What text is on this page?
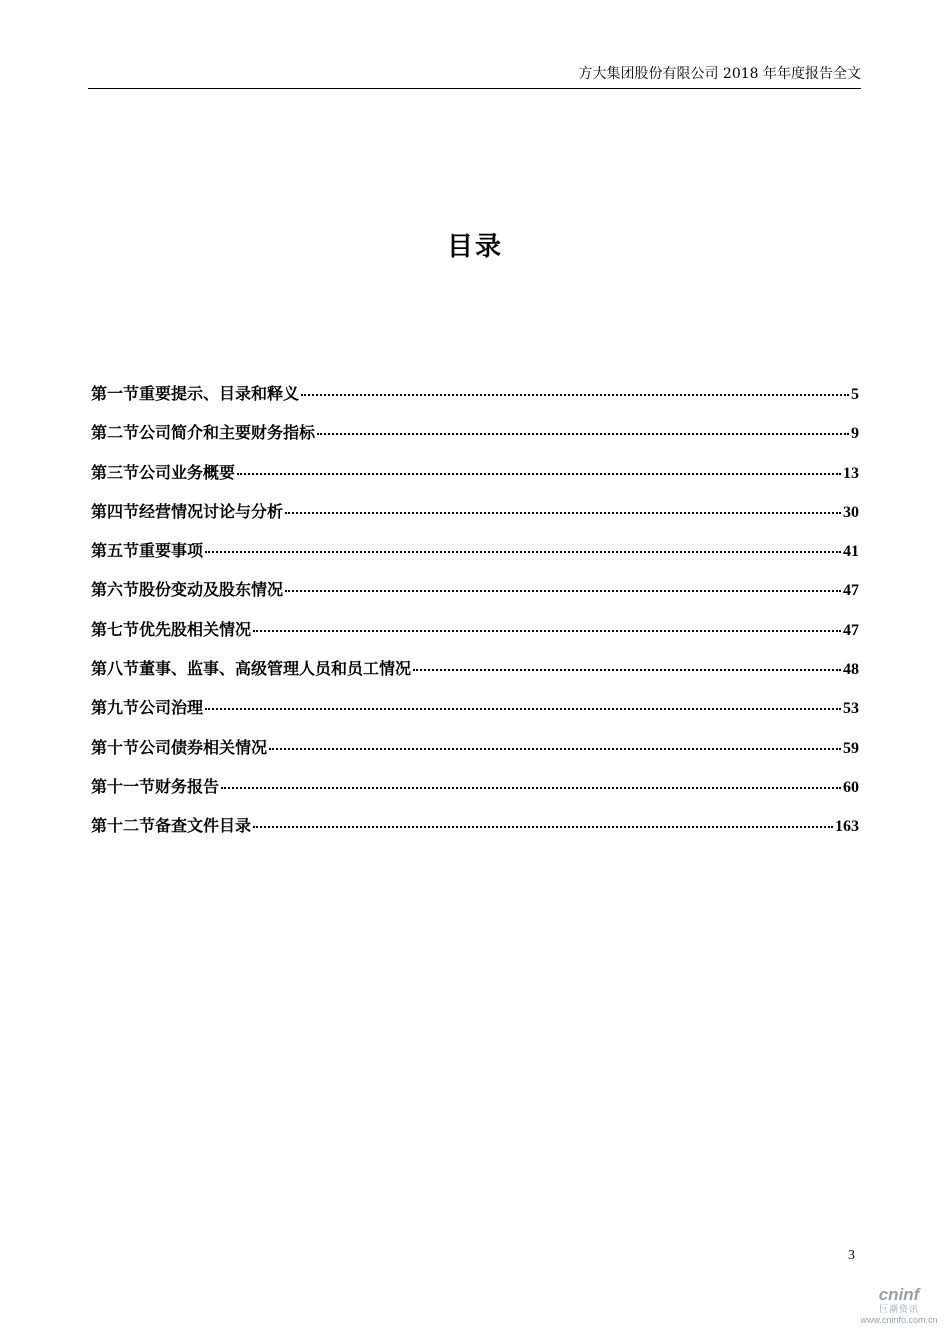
方大集团股份有限公司 2018 年年度报告全文
目录
第一节重要提示、目录和释义	5
第二节公司简介和主要财务指标	9
第三节公司业务概要	13
第四节经营情况讨论与分析	30
第五节重要事项	41
第六节股份变动及股东情况	47
第七节优先股相关情况	47
第八节董事、监事、高级管理人员和员工情况	48
第九节公司治理	53
第十节公司债券相关情况	59
第十一节财务报告	60
第十二节备查文件目录	163
3
cninf
巨潮资讯
www.cninfo.com.cn
